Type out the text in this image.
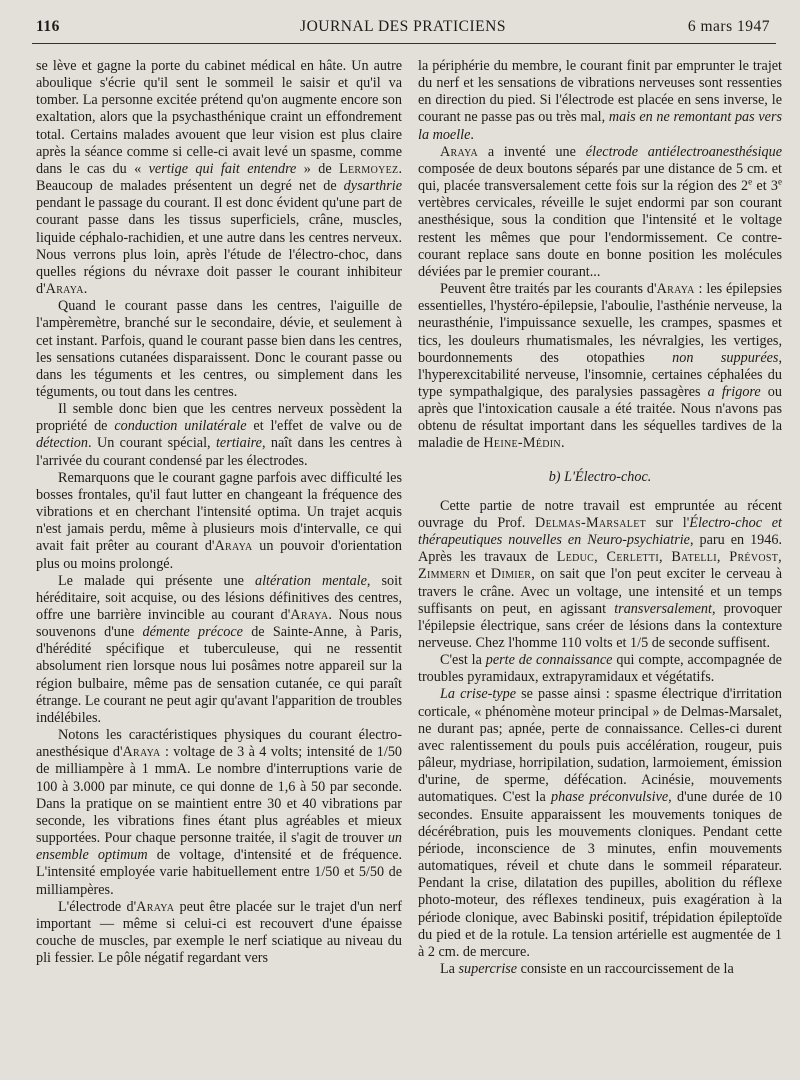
116	JOURNAL DES PRATICIENS	6 mars 1947

se lève et gagne la porte du cabinet médical en hâte. Un autre aboulique s'écrie qu'il sent le sommeil le saisir et qu'il va tomber. La personne excitée prétend qu'on augmente encore son exaltation, alors que la psychasthénique craint un effondrement total. Certains malades avouent que leur vision est plus claire après la séance comme si celle-ci avait levé un spasme, comme dans le cas du « vertige qui fait entendre » de Lermoyez. Beaucoup de malades présentent un degré net de dysarthrie pendant le passage du courant. Il est donc évident qu'une part de courant passe dans les tissus superficiels, crâne, muscles, liquide céphalo-rachidien, et une autre dans les centres nerveux. Nous verrons plus loin, après l'étude de l'électro-choc, dans quelles régions du névraxe doit passer le courant inhibiteur d'Araya.

Quand le courant passe dans les centres, l'aiguille de l'ampèremètre, branché sur le secondaire, dévie, et seulement à cet instant. Parfois, quand le courant passe bien dans les centres, les sensations cutanées disparaissent. Donc le courant passe ou dans les téguments et les centres, ou simplement dans les téguments, ou tout dans les centres.

Il semble donc bien que les centres nerveux possèdent la propriété de conduction unilatérale et l'effet de valve ou de détection. Un courant spécial, tertiaire, naît dans les centres à l'arrivée du courant condensé par les électrodes.

Remarquons que le courant gagne parfois avec difficulté les bosses frontales, qu'il faut lutter en changeant la fréquence des vibrations et en cherchant l'intensité optima. Un trajet acquis n'est jamais perdu, même à plusieurs mois d'intervalle, ce qui avait fait prêter au courant d'Araya un pouvoir d'orientation plus ou moins prolongé.

Le malade qui présente une altération mentale, soit héréditaire, soit acquise, ou des lésions définitives des centres, offre une barrière invincible au courant d'Araya. Nous nous souvenons d'une démente précoce de Sainte-Anne, à Paris, d'hérédité spécifique et tuberculeuse, qui ne ressentit absolument rien lorsque nous lui posâmes notre appareil sur la région bulbaire, même pas de sensation cutanée, ce qui paraît étrange. Le courant ne peut agir qu'avant l'apparition de troubles indélébiles.

Notons les caractéristiques physiques du courant électro-anesthésique d'Araya : voltage de 3 à 4 volts; intensité de 1/50 de milliampère à 1 mmA. Le nombre d'interruptions varie de 100 à 3.000 par minute, ce qui donne de 1,6 à 50 par seconde. Dans la pratique on se maintient entre 30 et 40 vibrations par seconde, les vibrations fines étant plus agréables et mieux supportées. Pour chaque personne traitée, il s'agit de trouver un ensemble optimum de voltage, d'intensité et de fréquence. L'intensité employée varie habituellement entre 1/50 et 5/50 de milliampères.

L'électrode d'Araya peut être placée sur le trajet d'un nerf important — même si celui-ci est recouvert d'une épaisse couche de muscles, par exemple le nerf sciatique au niveau du pli fessier. Le pôle négatif regardant vers

la périphérie du membre, le courant finit par emprunter le trajet du nerf et les sensations de vibrations nerveuses sont ressenties en direction du pied. Si l'électrode est placée en sens inverse, le courant ne passe pas ou très mal, mais en ne remontant pas vers la moelle.

Araya a inventé une électrode antiélectroanesthésique composée de deux boutons séparés par une distance de 5 cm. et qui, placée transversalement cette fois sur la région des 2e et 3e vertèbres cervicales, réveille le sujet endormi par son courant anesthésique, sous la condition que l'intensité et le voltage restent les mêmes que pour l'endormissement. Ce contre-courant replace sans doute en bonne position les molécules déviées par le premier courant...

Peuvent être traités par les courants d'Araya : les épilepsies essentielles, l'hystéro-épilepsie, l'aboulie, l'asthénie nerveuse, la neurasthénie, l'impuissance sexuelle, les crampes, spasmes et tics, les douleurs rhumatismales, les névralgies, les vertiges, bourdonnements des otopathies non suppurées, l'hyperexcitabilité nerveuse, l'insomnie, certaines céphalées du type sympathalgique, des paralysies passagères a frigore ou après que l'intoxication causale a été traitée. Nous n'avons pas obtenu de résultat important dans les séquelles tardives de la maladie de Heine-Médin.

b) L'Électro-choc.

Cette partie de notre travail est empruntée au récent ouvrage du Prof. Delmas-Marsalet sur l'Électro-choc et thérapeutiques nouvelles en Neuro-psychiatrie, paru en 1946. Après les travaux de Leduc, Cerletti, Batelli, Prévost, Zimmern et Dimier, on sait que l'on peut exciter le cerveau à travers le crâne. Avec un voltage, une intensité et un temps suffisants on peut, en agissant transversalement, provoquer l'épilepsie électrique, sans créer de lésions dans la contexture nerveuse. Chez l'homme 110 volts et 1/5 de seconde suffisent.

C'est la perte de connaissance qui compte, accompagnée de troubles pyramidaux, extrapyramidaux et végétatifs.

La crise-type se passe ainsi : spasme électrique d'irritation corticale, « phénomène moteur principal » de Delmas-Marsalet, ne durant pas; apnée, perte de connaissance. Celles-ci durent avec ralentissement du pouls puis accélération, rougeur, puis pâleur, mydriase, horripilation, sudation, larmoiement, émission d'urine, de sperme, défécation. Acinésie, mouvements automatiques. C'est la phase préconvulsive, d'une durée de 10 secondes. Ensuite apparaissent les mouvements toniques de décérébration, puis les mouvements cloniques. Pendant cette période, inconscience de 3 minutes, enfin mouvements automatiques, réveil et chute dans le sommeil réparateur. Pendant la crise, dilatation des pupilles, abolition du réflexe photo-moteur, des réflexes tendineux, puis exagération à la période clonique, avec Babinski positif, trépidation épileptoïde du pied et de la rotule. La tension artérielle est augmentée de 1 à 2 cm. de mercure.

La supercrise consiste en un raccourcissement de la
